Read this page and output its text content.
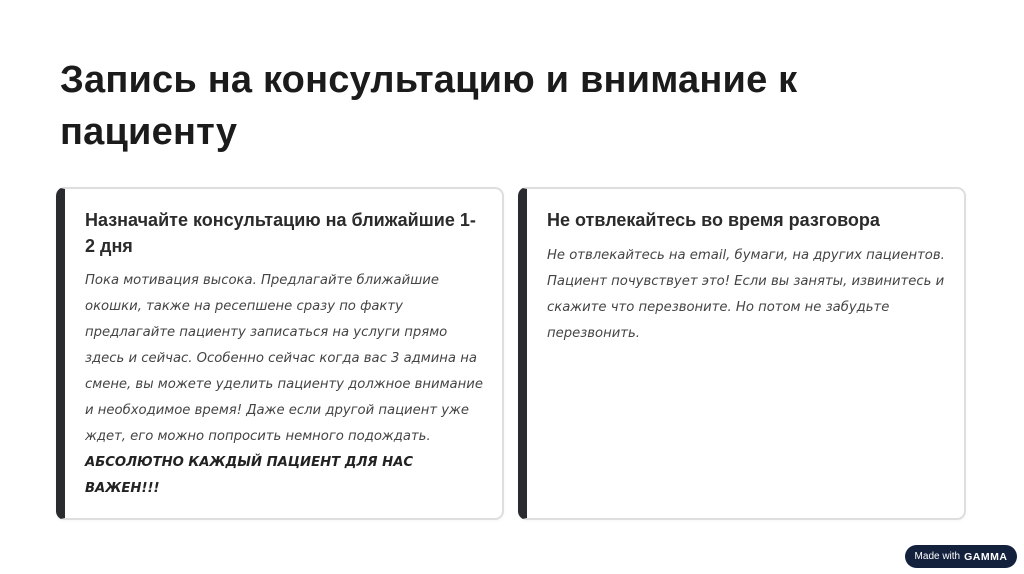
Запись на консультацию и внимание к пациенту
Назначайте консультацию на ближайшие 1-2 дня

Пока мотивация высока. Предлагайте ближайшие окошки, также на ресепшене сразу по факту предлагайте пациенту записаться на услуги прямо здесь и сейчас. Особенно сейчас когда вас 3 админа на смене, вы можете уделить пациенту должное внимание и необходимое время! Даже если другой пациент уже ждет, его можно попросить немного подождать. АБСОЛЮТНО КАЖДЫЙ ПАЦИЕНТ ДЛЯ НАС ВАЖЕН!!!

Не отвлекайтесь во время разговора

Не отвлекайтесь на email, бумаги, на других пациентов. Пациент почувствует это! Если вы заняты, извинитесь и скажите что перезвоните. Но потом не забудьте перезвонить.

Made with GAMMA
